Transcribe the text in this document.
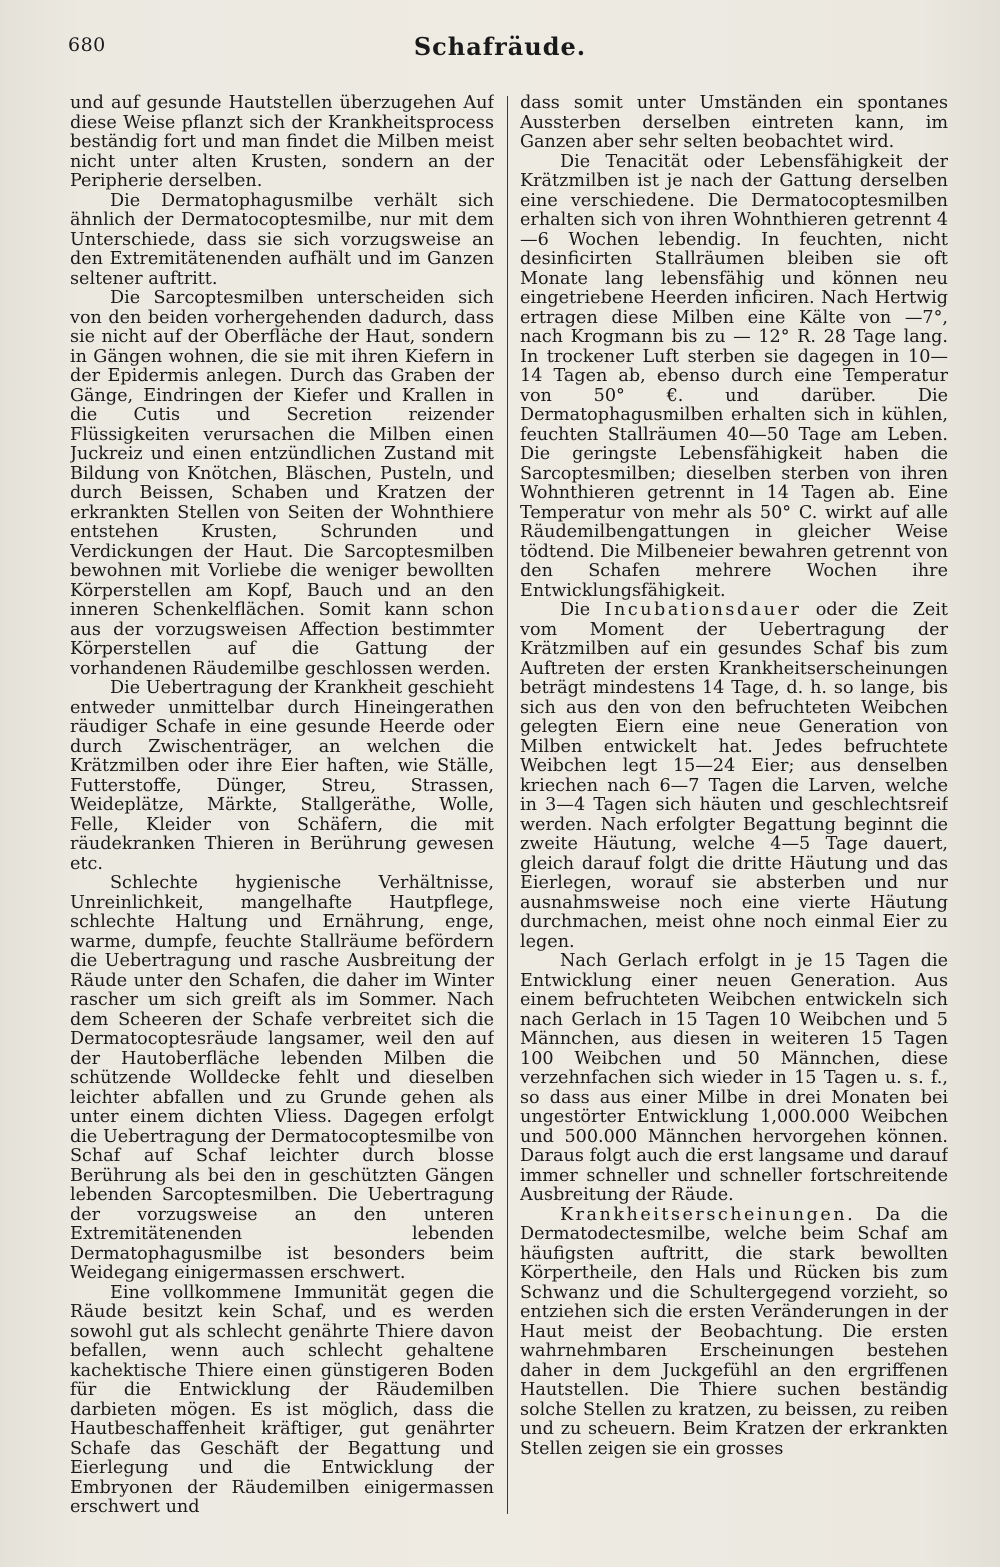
680	Schafräude.

und auf gesunde Hautstellen überzugehen Auf diese Weise pflanzt sich der Krankheitsprocess beständig fort und man findet die Milben meist nicht unter alten Krusten, sondern an der Peripherie derselben.

Die Dermatophagusmilbe verhält sich ähnlich der Dermatocoptesmilbe, nur mit dem Unterschiede, dass sie sich vorzugsweise an den Extremitätenenden aufhält und im Ganzen seltener auftritt.

Die Sarcoptesmilben unterscheiden sich von den beiden vorhergehenden dadurch, dass sie nicht auf der Oberfläche der Haut, sondern in Gängen wohnen, die sie mit ihren Kiefern in der Epidermis anlegen. Durch das Graben der Gänge, Eindringen der Kiefer und Krallen in die Cutis und Secretion reizender Flüssigkeiten verursachen die Milben einen Juckreiz und einen entzündlichen Zustand mit Bildung von Knötchen, Bläschen, Pusteln, und durch Beissen, Schaben und Kratzen der erkrankten Stellen von Seiten der Wohnthiere entstehen Krusten, Schrunden und Verdickungen der Haut. Die Sarcoptesmilben bewohnen mit Vorliebe die weniger bewollten Körperstellen am Kopf, Bauch und an den inneren Schenkelflächen. Somit kann schon aus der vorzugsweisen Affection bestimmter Körperstellen auf die Gattung der vorhandenen Räudemilbe geschlossen werden.

Die Uebertragung der Krankheit geschieht entweder unmittelbar durch Hineingerathen räudiger Schafe in eine gesunde Heerde oder durch Zwischenträger, an welchen die Krätzmilben oder ihre Eier haften, wie Ställe, Futterstoffe, Dünger, Streu, Strassen, Weideplätze, Märkte, Stallgeräthe, Wolle, Felle, Kleider von Schäfern, die mit räudekranken Thieren in Berührung gewesen etc.

Schlechte hygienische Verhältnisse, Unreinlichkeit, mangelhafte Hautpflege, schlechte Haltung und Ernährung, enge, warme, dumpfe, feuchte Stallräume befördern die Uebertragung und rasche Ausbreitung der Räude unter den Schafen, die daher im Winter rascher um sich greift als im Sommer. Nach dem Scheeren der Schafe verbreitet sich die Dermatocoptesräude langsamer, weil den auf der Hautoberfläche lebenden Milben die schützende Wolldecke fehlt und dieselben leichter abfallen und zu Grunde gehen als unter einem dichten Vliess. Dagegen erfolgt die Uebertragung der Dermatocoptesmilbe von Schaf auf Schaf leichter durch blosse Berührung als bei den in geschützten Gängen lebenden Sarcoptesmilben. Die Uebertragung der vorzugsweise an den unteren Extremitätenenden lebenden Dermatophagusmilbe ist besonders beim Weidegang einigermassen erschwert.

Eine vollkommene Immunität gegen die Räude besitzt kein Schaf, und es werden sowohl gut als schlecht genährte Thiere davon befallen, wenn auch schlecht gehaltene kachektische Thiere einen günstigeren Boden für die Entwicklung der Räudemilben darbieten mögen. Es ist möglich, dass die Hautbeschaffenheit kräftiger, gut genährter Schafe das Geschäft der Begattung und Eierlegung und die Entwicklung der Embryonen der Räudemilben einigermassen erschwert und

dass somit unter Umständen ein spontanes Aussterben derselben eintreten kann, im Ganzen aber sehr selten beobachtet wird.

Die Tenacität oder Lebensfähigkeit der Krätzmilben ist je nach der Gattung derselben eine verschiedene. Die Dermatocoptesmilben erhalten sich von ihren Wohnthieren getrennt 4—6 Wochen lebendig. In feuchten, nicht desinficirten Stallräumen bleiben sie oft Monate lang lebensfähig und können neu eingetriebene Heerden inficiren. Nach Hertwig ertragen diese Milben eine Kälte von —7°, nach Krogmann bis zu — 12° R. 28 Tage lang. In trockener Luft sterben sie dagegen in 10—14 Tagen ab, ebenso durch eine Temperatur von 50° €. und darüber. Die Dermatophagusmilben erhalten sich in kühlen, feuchten Stallräumen 40—50 Tage am Leben. Die geringste Lebensfähigkeit haben die Sarcoptesmilben; dieselben sterben von ihren Wohnthieren getrennt in 14 Tagen ab. Eine Temperatur von mehr als 50° C. wirkt auf alle Räudemilbengattungen in gleicher Weise tödtend. Die Milbeneier bewahren getrennt von den Schafen mehrere Wochen ihre Entwicklungsfähigkeit.

Die Incubationsdauer oder die Zeit vom Moment der Uebertragung der Krätzmilben auf ein gesundes Schaf bis zum Auftreten der ersten Krankheitserscheinungen beträgt mindestens 14 Tage, d. h. so lange, bis sich aus den von den befruchteten Weibchen gelegten Eiern eine neue Generation von Milben entwickelt hat. Jedes befruchtete Weibchen legt 15—24 Eier; aus denselben kriechen nach 6—7 Tagen die Larven, welche in 3—4 Tagen sich häuten und geschlechtsreif werden. Nach erfolgter Begattung beginnt die zweite Häutung, welche 4—5 Tage dauert, gleich darauf folgt die dritte Häutung und das Eierlegen, worauf sie absterben und nur ausnahmsweise noch eine vierte Häutung durchmachen, meist ohne noch einmal Eier zu legen.

Nach Gerlach erfolgt in je 15 Tagen die Entwicklung einer neuen Generation. Aus einem befruchteten Weibchen entwickeln sich nach Gerlach in 15 Tagen 10 Weibchen und 5 Männchen, aus diesen in weiteren 15 Tagen 100 Weibchen und 50 Männchen, diese verzehnfachen sich wieder in 15 Tagen u. s. f., so dass aus einer Milbe in drei Monaten bei ungestörter Entwicklung 1,000.000 Weibchen und 500.000 Männchen hervorgehen können. Daraus folgt auch die erst langsame und darauf immer schneller und schneller fortschreitende Ausbreitung der Räude.

Krankheitserscheinungen. Da die Dermatodectesmilbe, welche beim Schaf am häufigsten auftritt, die stark bewollten Körpertheile, den Hals und Rücken bis zum Schwanz und die Schultergegend vorzieht, so entziehen sich die ersten Veränderungen in der Haut meist der Beobachtung. Die ersten wahrnehmbaren Erscheinungen bestehen daher in dem Juckgefühl an den ergriffenen Hautstellen. Die Thiere suchen beständig solche Stellen zu kratzen, zu beissen, zu reiben und zu scheuern. Beim Kratzen der erkrankten Stellen zeigen sie ein grosses
